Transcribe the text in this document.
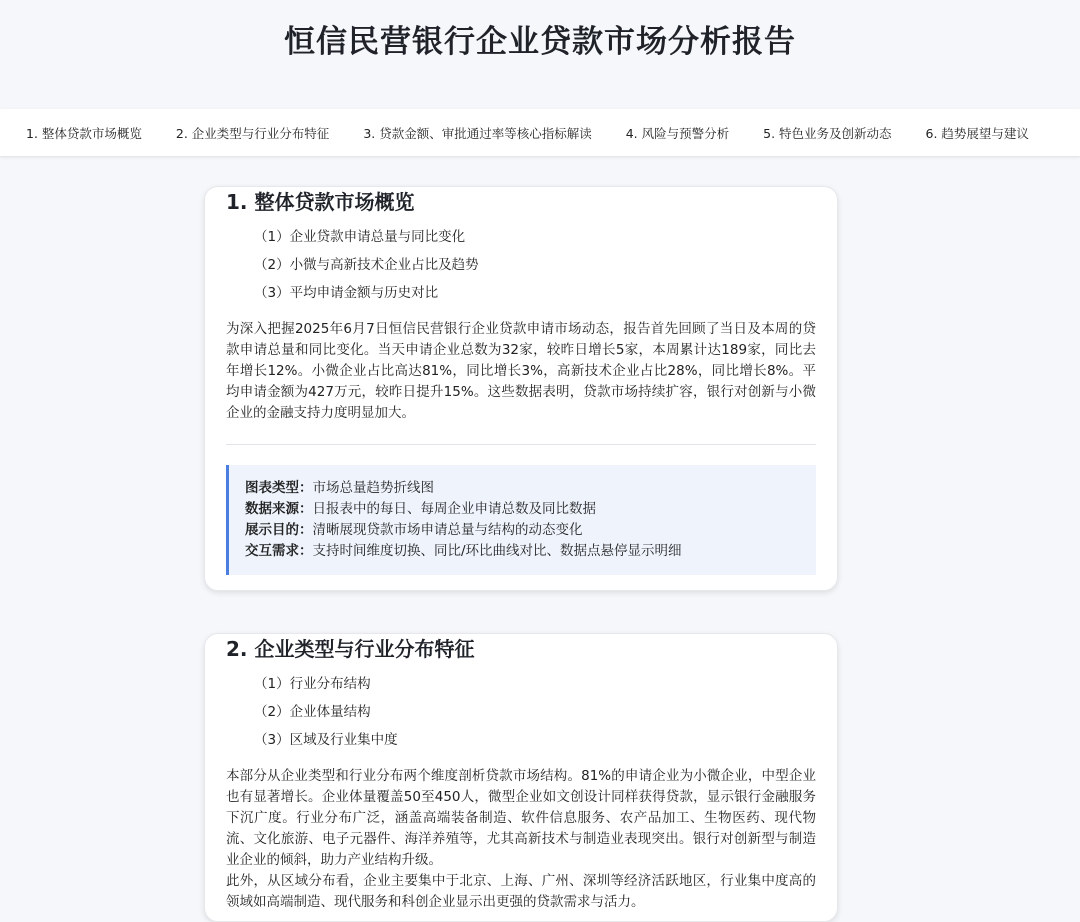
恒信民营银行企业贷款市场分析报告
1. 整体贷款市场概览	2. 企业类型与行业分布特征	3. 贷款金额、审批通过率等核心指标解读	4. 风险与预警分析	5. 特色业务及创新动态	6. 趋势展望与建议
1. 整体贷款市场概览
（1）企业贷款申请总量与同比变化
（2）小微与高新技术企业占比及趋势
（3）平均申请金额与历史对比

为深入把握2025年6月7日恒信民营银行企业贷款申请市场动态，报告首先回顾了当日及本周的贷款申请总量和同比变化。当天申请企业总数为32家，较昨日增长5家，本周累计达189家，同比去年增长12%。小微企业占比高达81%，同比增长3%，高新技术企业占比28%，同比增长8%。平均申请金额为427万元，较昨日提升15%。这些数据表明，贷款市场持续扩容，银行对创新与小微企业的金融支持力度明显加大。

图表类型：市场总量趋势折线图
数据来源：日报表中的每日、每周企业申请总数及同比数据
展示目的：清晰展现贷款市场申请总量与结构的动态变化
交互需求：支持时间维度切换、同比/环比曲线对比、数据点悬停显示明细
2. 企业类型与行业分布特征
（1）行业分布结构
（2）企业体量结构
（3）区域及行业集中度

本部分从企业类型和行业分布两个维度剖析贷款市场结构。81%的申请企业为小微企业，中型企业也有显著增长。企业体量覆盖50至450人，微型企业如文创设计同样获得贷款，显示银行金融服务下沉广度。行业分布广泛，涵盖高端装备制造、软件信息服务、农产品加工、生物医药、现代物流、文化旅游、电子元器件、海洋养殖等，尤其高新技术与制造业表现突出。银行对创新型与制造业企业的倾斜，助力产业结构升级。

此外，从区域分布看，企业主要集中于北京、上海、广州、深圳等经济活跃地区，行业集中度高的领域如高端制造、现代服务和科创企业显示出更强的贷款需求与活力。
